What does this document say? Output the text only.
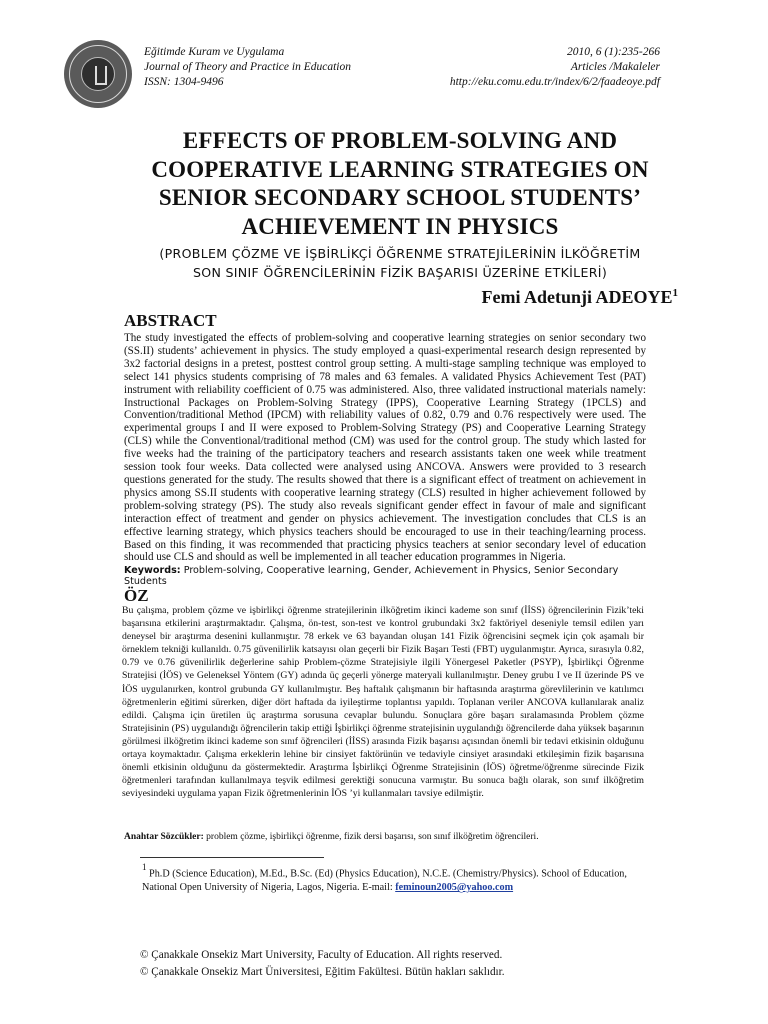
Eğitimde Kuram ve Uygulama
Journal of Theory and Practice in Education
ISSN: 1304-9496
2010, 6 (1):235-266
Articles /Makaleler
http://eku.comu.edu.tr/index/6/2/faadeoye.pdf
EFFECTS OF PROBLEM-SOLVING AND
COOPERATIVE LEARNING STRATEGIES ON
SENIOR SECONDARY SCHOOL STUDENTS’
ACHIEVEMENT IN PHYSICS
(PROBLEM ÇÖZME VE İŞBİRLİKÇİ ÖĞRENME STRATEJİLERİNİN İLKÖĞRETİM
SON SINIF ÖĞRENCİLERİNİN FİZİK BAŞARISI ÜZERİNE ETKİLERİ)
Femi Adetunji ADEOYE$^1$
ABSTRACT
The study investigated the effects of problem-solving and cooperative learning strategies on senior secondary two (SS.II) students’ achievement in physics. The study employed a quasi-experimental research design represented by 3x2 factorial designs in a pretest, posttest control group setting. A multi-stage sampling technique was employed to select 141 physics students comprising of 78 males and 63 females. A validated Physics Achievement Test (PAT) instrument with reliability coefficient of 0.75 was administered. Also, three validated instructional materials namely: Instructional Packages on Problem-Solving Strategy (IPPS), Cooperative Learning Strategy (1PCLS) and Convention/traditional Method (IPCM) with reliability values of 0.82, 0.79 and 0.76 respectively were used. The experimental groups I and II were exposed to Problem-Solving Strategy (PS) and Cooperative Learning Strategy (CLS) while the Conventional/traditional method (CM) was used for the control group. The study which lasted for five weeks had the training of the participatory teachers and research assistants taken one week while treatment session took four weeks. Data collected were analysed using ANCOVA. Answers were provided to 3 research questions generated for the study. The results showed that there is a significant effect of treatment on achievement in physics among SS.II students with cooperative learning strategy (CLS) resulted in higher achievement followed by problem-solving strategy (PS). The study also reveals significant gender effect in favour of male and significant interaction effect of treatment and gender on physics achievement. The investigation concludes that CLS is an effective learning strategy, which physics teachers should be encouraged to use in their teaching/learning process. Based on this finding, it was recommended that practicing physics teachers at senior secondary level of education should use CLS and should as well be implemented in all teacher education programmes in Nigeria.
Keywords: Problem-solving, Cooperative learning, Gender, Achievement in Physics, Senior Secondary Students
ÖZ
Bu çalışma, problem çözme ve işbirlikçi öğrenme stratejilerinin ilköğretim ikinci kademe son sınıf (İİSS) öğrencilerinin Fizik’teki başarısına etkilerini araştırmaktadır. Çalışma, ön-test, son-test ve kontrol grubundaki 3x2 faktöriyel deseniyle temsil edilen yarı deneysel bir araştırma desenini kullanmıştır. 78 erkek ve 63 bayandan oluşan 141 Fizik öğrencisini seçmek için çok aşamalı bir örneklem tekniği kullanıldı. 0.75 güvenilirlik katsayısı olan geçerli bir Fizik Başarı Testi (FBT) uygulanmıştır. Ayrıca, sırasıyla 0.82, 0.79 ve 0.76 güvenilirlik değerlerine sahip Problem-çözme Stratejisiyle ilgili Yönergesel Paketler (PSYP), İşbirlikçi Öğrenme Stratejisi (İÖS) ve Geleneksel Yöntem (GY) adında üç geçerli yönerge materyali kullanılmıştır. Deney grubu I ve II üzerinde PS ve İÖS uygulanırken, kontrol grubunda GY kullanılmıştır. Beş haftalık çalışmanın bir haftasında araştırma görevlilerinin ve katılımcı öğretmenlerin eğitimi sürerken, diğer dört haftada da iyileştirme toplantısı yapıldı. Toplanan veriler ANCOVA kullanılarak analiz edildi. Çalışma için üretilen üç araştırma sorusuna cevaplar bulundu. Sonuçlara göre başarı sıralamasında Problem çözme Stratejisinin (PS) uygulandığı öğrencilerin takip ettiği İşbirlikçi öğrenme stratejisinin uygulandığı öğrencilerde daha yüksek başarının görülmesi ilköğretim ikinci kademe son sınıf öğrencileri (İİSS) arasında Fizik başarısı açısından önemli bir tedavi etkisinin olduğunu ortaya koymaktadır. Çalışma erkeklerin lehine bir cinsiyet faktörünün ve tedaviyle cinsiyet arasındaki etkileşimin fizik başarısına önemli etkisinin olduğunu da göstermektedir. Araştırma İşbirlikçi Öğrenme Stratejisinin (İÖS) öğretme/öğrenme sürecinde Fizik öğretmenleri tarafından kullanılmaya teşvik edilmesi gerektiği sonucuna varmıştır. Bu sonuca bağlı olarak, son sınıf ilköğretim seviyesindeki uygulama yapan Fizik öğretmenlerinin İÖS ’yi kullanmaları tavsiye edilmiştir.
Anahtar Sözcükler: problem çözme, işbirlikçi öğrenme, fizik dersi başarısı, son sınıf ilköğretim öğrencileri.
$^1$ Ph.D (Science Education), M.Ed., B.Sc. (Ed) (Physics Education), N.C.E. (Chemistry/Physics). School of Education, National Open University of Nigeria, Lagos, Nigeria. E-mail: feminoun2005@yahoo.com
© Çanakkale Onsekiz Mart University, Faculty of Education. All rights reserved.
© Çanakkale Onsekiz Mart Üniversitesi, Eğitim Fakültesi. Bütün hakları saklıdır.
